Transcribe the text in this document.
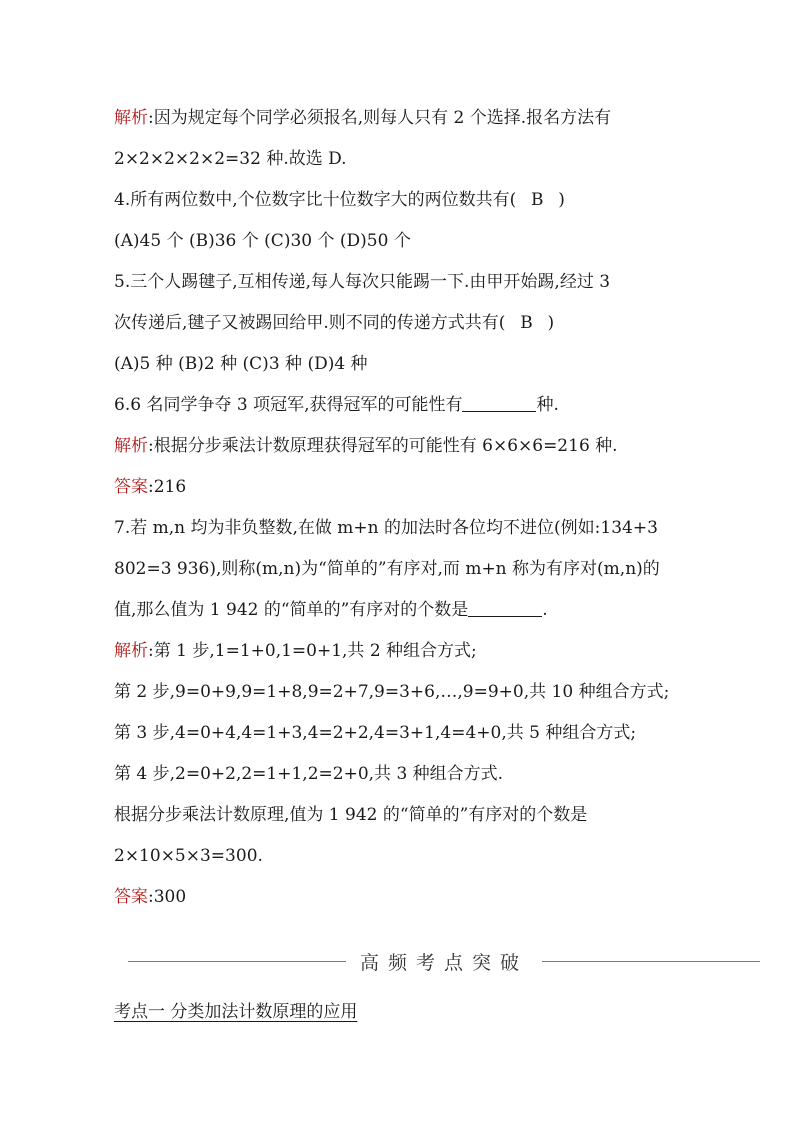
解析:因为规定每个同学必须报名,则每人只有 2 个选择.报名方法有
2×2×2×2×2=32 种.故选 D.
4.所有两位数中,个位数字比十位数字大的两位数共有( B )
(A)45 个 (B)36 个 (C)30 个 (D)50 个
5.三个人踢毽子,互相传递,每人每次只能踢一下.由甲开始踢,经过 3
次传递后,毽子又被踢回给甲.则不同的传递方式共有( B )
(A)5 种 (B)2 种 (C)3 种 (D)4 种
6.6 名同学争夺 3 项冠军,获得冠军的可能性有	种.
解析:根据分步乘法计数原理获得冠军的可能性有 6×6×6=216 种.
答案:216
7.若 m,n 均为非负整数,在做 m+n 的加法时各位均不进位(例如:134+3
802=3 936),则称(m,n)为“简单的”有序对,而 m+n 称为有序对(m,n)的
值,那么值为 1 942 的“简单的”有序对的个数是	.
解析:第 1 步,1=1+0,1=0+1,共 2 种组合方式;
第 2 步,9=0+9,9=1+8,9=2+7,9=3+6,…,9=9+0,共 10 种组合方式;
第 3 步,4=0+4,4=1+3,4=2+2,4=3+1,4=4+0,共 5 种组合方式;
第 4 步,2=0+2,2=1+1,2=2+0,共 3 种组合方式.
根据分步乘法计数原理,值为 1 942 的“简单的”有序对的个数是
2×10×5×3=300.
答案:300
高频考点突破
考点一 分类加法计数原理的应用
